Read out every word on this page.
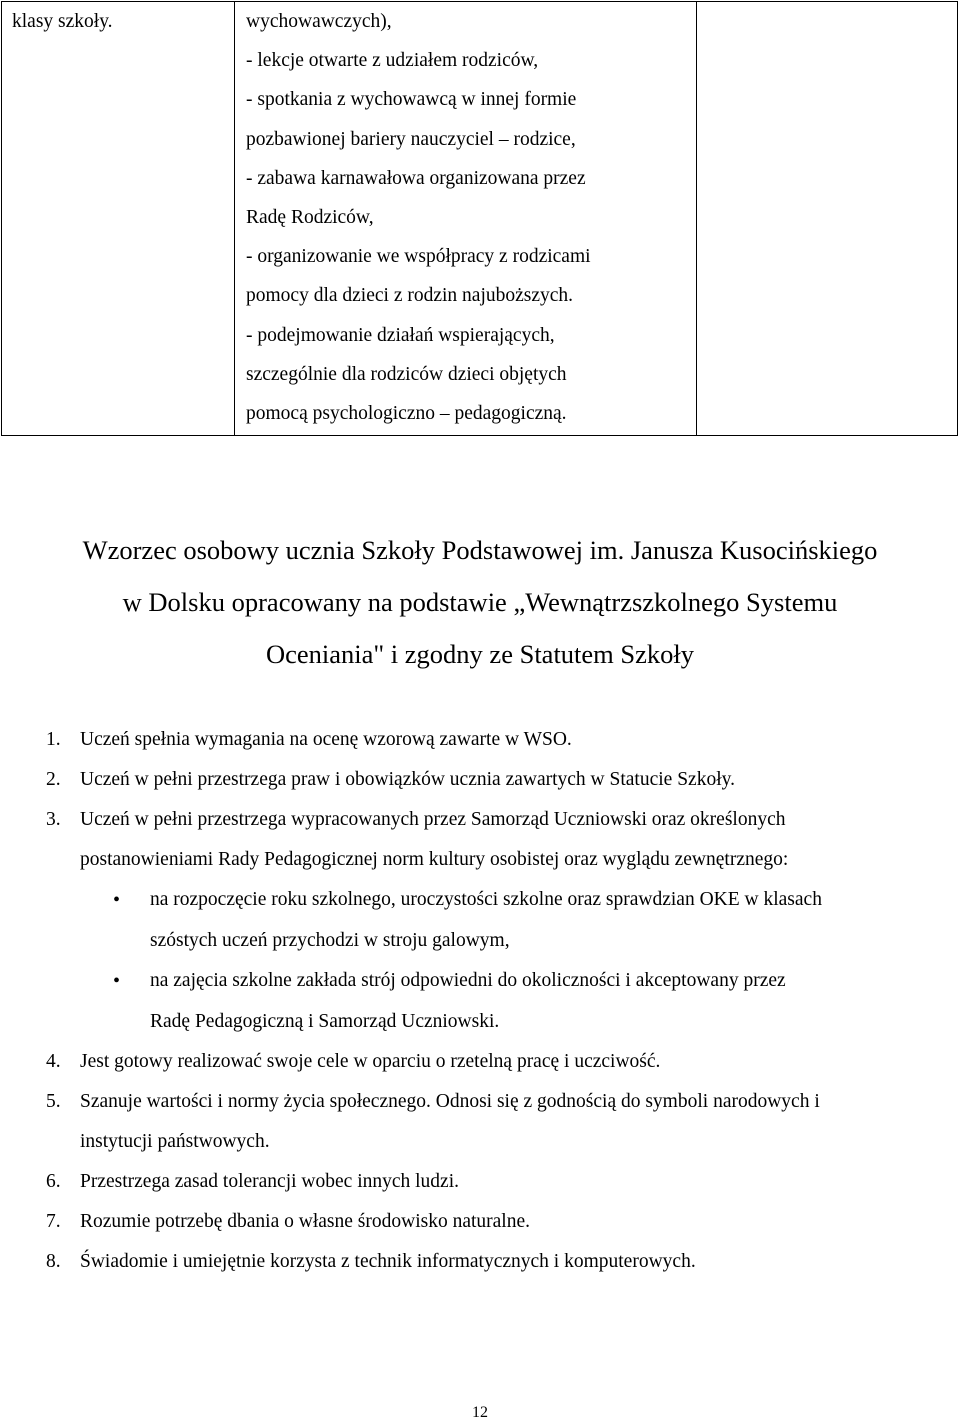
klasy szkoły.	wychowawczych),
- lekcje otwarte z udziałem rodziców,
- spotkania z wychowawcą w innej formie
pozbawionej bariery nauczyciel – rodzice,
- zabawa karnawałowa organizowana przez
Radę Rodziców,
- organizowanie we współpracy z rodzicami
pomocy dla dzieci z rodzin najuboższych.
- podejmowanie działań wspierających,
szczególnie dla rodziców dzieci objętych
pomocą psychologiczno – pedagogiczną.
Wzorzec osobowy ucznia Szkoły Podstawowej im. Janusza Kusocińskiego
w Dolsku opracowany na podstawie „Wewnątrzszkolnego Systemu
Oceniania" i zgodny ze Statutem Szkoły
1. Uczeń spełnia wymagania na ocenę wzorową zawarte w WSO.
2. Uczeń w pełni przestrzega praw i obowiązków ucznia zawartych w Statucie Szkoły.
3. Uczeń w pełni przestrzega wypracowanych przez Samorząd Uczniowski oraz określonych
postanowieniami Rady Pedagogicznej norm kultury osobistej oraz wyglądu zewnętrznego:
• na rozpoczęcie roku szkolnego, uroczystości szkolne oraz sprawdzian OKE w klasach
szóstych uczeń przychodzi w stroju galowym,
• na zajęcia szkolne zakłada strój odpowiedni do okoliczności i akceptowany przez
Radę Pedagogiczną i Samorząd Uczniowski.
4. Jest gotowy realizować swoje cele w oparciu o rzetelną pracę i uczciwość.
5. Szanuje wartości i normy życia społecznego. Odnosi się z godnością do symboli narodowych i
instytucji państwowych.
6. Przestrzega zasad tolerancji wobec innych ludzi.
7. Rozumie potrzebę dbania o własne środowisko naturalne.
8. Świadomie i umiejętnie korzysta z technik informatycznych i komputerowych.
12
